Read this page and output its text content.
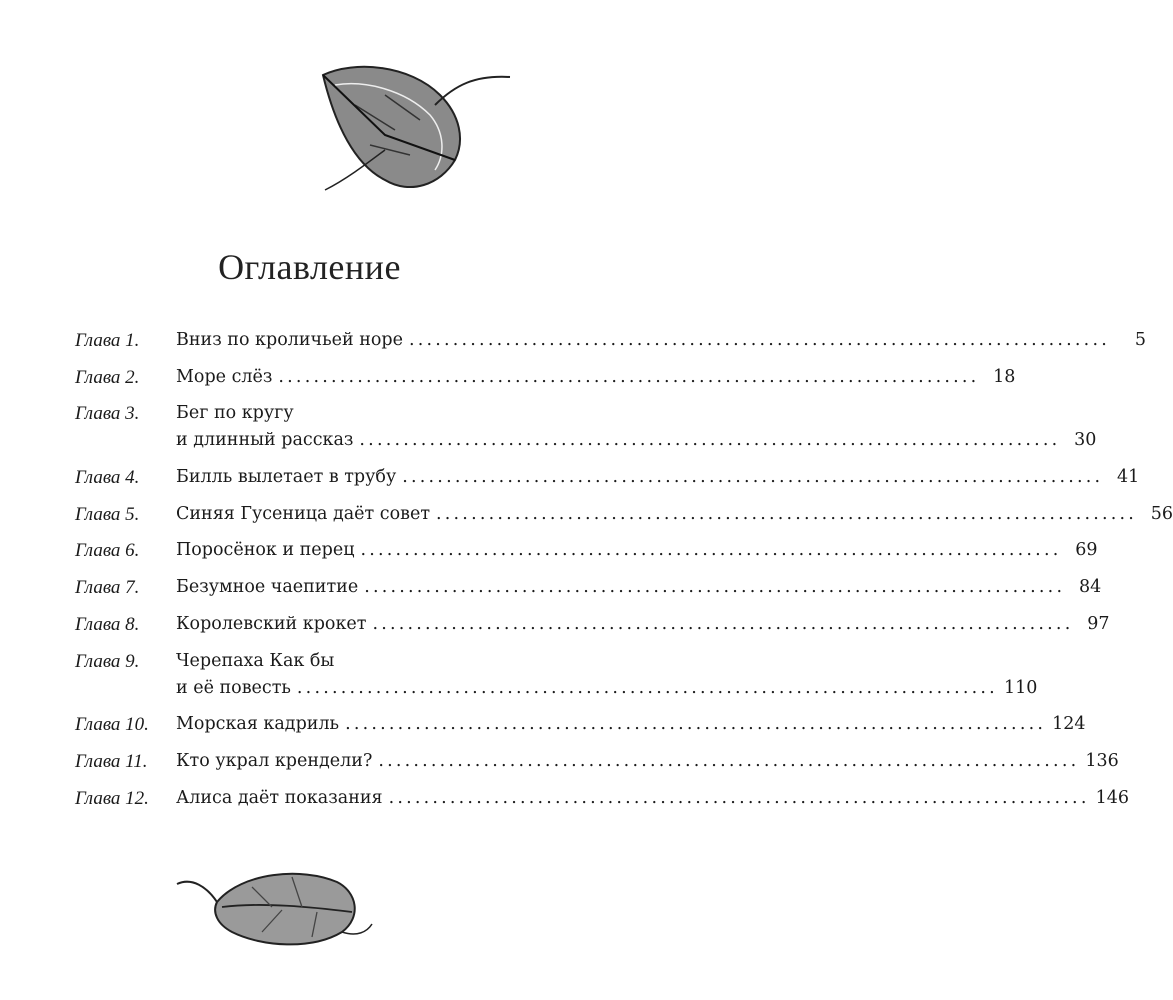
Оглавление
Глава 1.	Вниз по кроличьей норе ................................................................................	5
Глава 2.	Море слёз ................................................................................ 18
Глава 3.	Бег по кругу
и длинный рассказ ................................................................................ 30
Глава 4.	Билль вылетает в трубу ................................................................................ 41
Глава 5.	Синяя Гусеница даёт совет ................................................................................ 56
Глава 6.	Поросёнок и перец ................................................................................ 69
Глава 7.	Безумное чаепитие ................................................................................ 84
Глава 8.	Королевский крокет ................................................................................ 97
Глава 9.	Черепаха Как бы
и её повесть ................................................................................ 110
Глава 10.	Морская кадриль ................................................................................ 124
Глава 11.	Кто украл крендели? ................................................................................ 136
Глава 12.	Алиса даёт показания ................................................................................ 146
